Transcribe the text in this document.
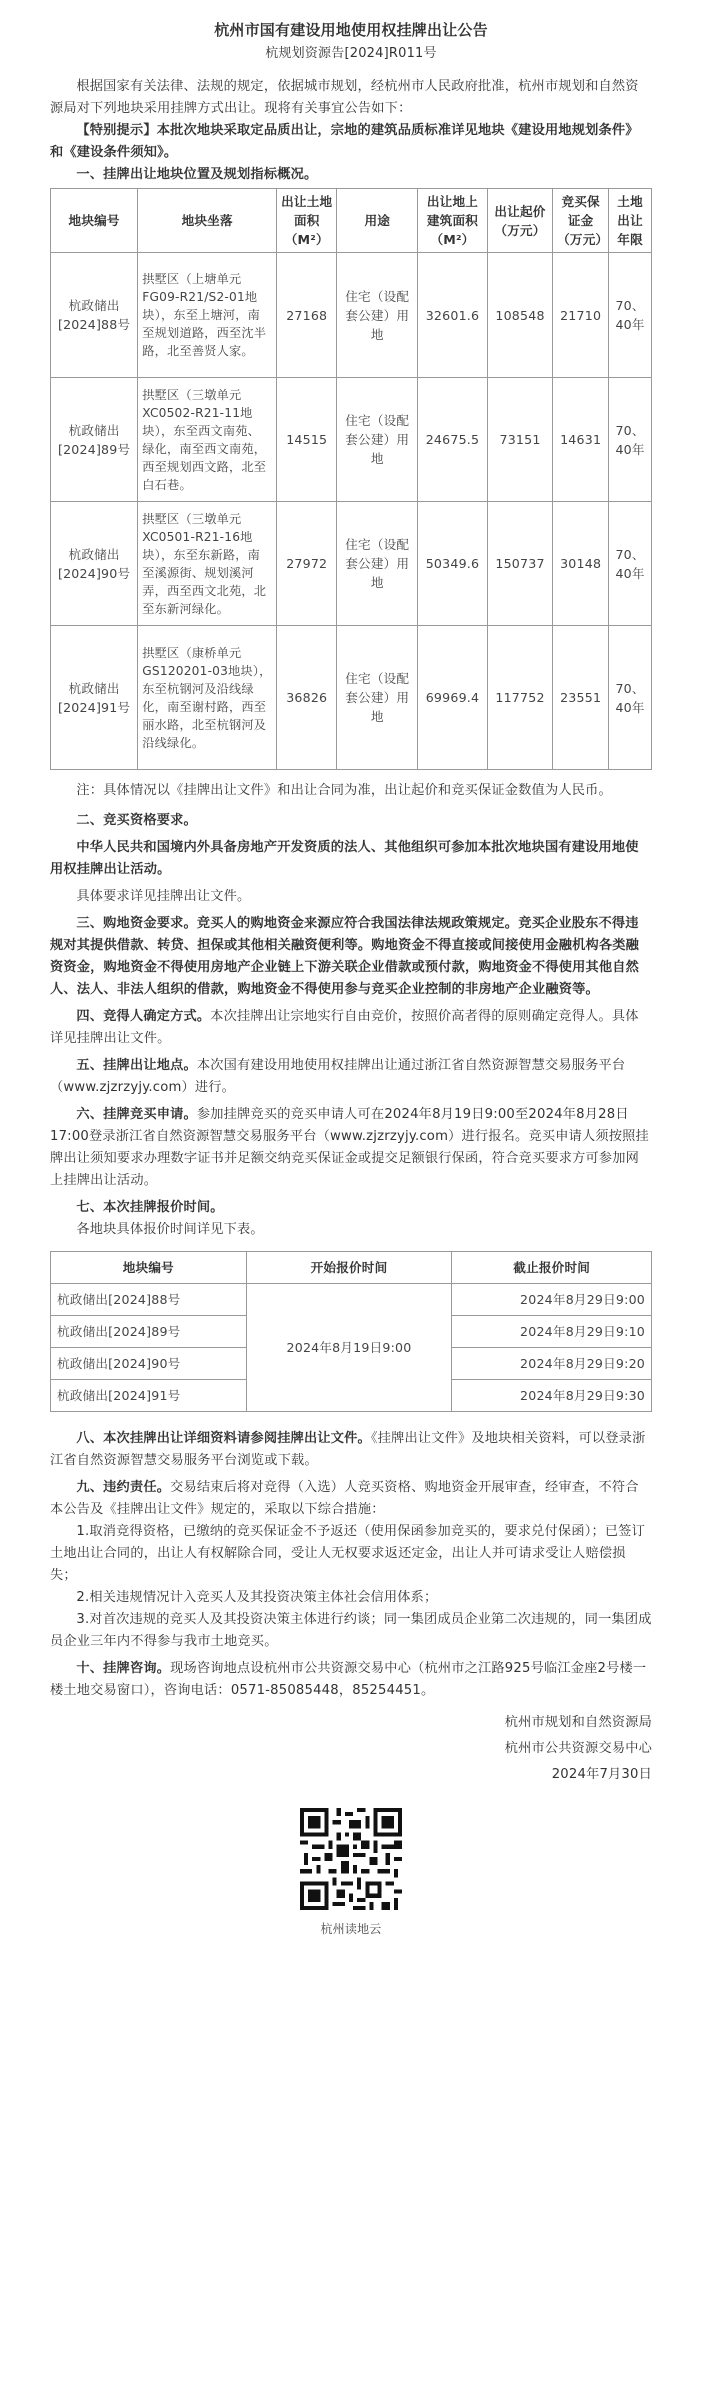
杭州市国有建设用地使用权挂牌出让公告
杭规划资源告[2024]R011号

根据国家有关法律、法规的规定，依据城市规划，经杭州市人民政府批准，杭州市规划和自然资源局对下列地块采用挂牌方式出让。现将有关事宜公告如下：

【特别提示】本批次地块采取定品质出让，宗地的建筑品质标准详见地块《建设用地规划条件》和《建设条件须知》。

一、挂牌出让地块位置及规划指标概况。

地块编号	地块坐落	出让土地面积（M²）	用途	出让地上建筑面积（M²）	出让起价（万元）	竞买保证金（万元）	土地出让年限
杭政储出[2024]88号	拱墅区（上塘单元FG09-R21/S2-01地块），东至上塘河，南至规划道路，西至沈半路，北至善贤人家。	27168	住宅（设配套公建）用地	32601.6	108548	21710	70、40年
杭政储出[2024]89号	拱墅区（三墩单元XC0502-R21-11地块），东至西文南苑、绿化，南至西文南苑，西至规划西文路，北至白石巷。	14515	住宅（设配套公建）用地	24675.5	73151	14631	70、40年
杭政储出[2024]90号	拱墅区（三墩单元XC0501-R21-16地块），东至东新路，南至溪源街、规划溪河弄，西至西文北苑，北至东新河绿化。	27972	住宅（设配套公建）用地	50349.6	150737	30148	70、40年
杭政储出[2024]91号	拱墅区（康桥单元GS120201-03地块），东至杭钢河及沿线绿化，南至谢村路，西至丽水路，北至杭钢河及沿线绿化。	36826	住宅（设配套公建）用地	69969.4	117752	23551	70、40年

注：具体情况以《挂牌出让文件》和出让合同为准，出让起价和竞买保证金数值为人民币。

二、竞买资格要求。

中华人民共和国境内外具备房地产开发资质的法人、其他组织可参加本批次地块国有建设用地使用权挂牌出让活动。

具体要求详见挂牌出让文件。

三、购地资金要求。竞买人的购地资金来源应符合我国法律法规政策规定。竞买企业股东不得违规对其提供借款、转贷、担保或其他相关融资便利等。购地资金不得直接或间接使用金融机构各类融资资金，购地资金不得使用房地产企业链上下游关联企业借款或预付款，购地资金不得使用其他自然人、法人、非法人组织的借款，购地资金不得使用参与竞买企业控制的非房地产企业融资等。

四、竞得人确定方式。本次挂牌出让宗地实行自由竞价，按照价高者得的原则确定竞得人。具体详见挂牌出让文件。

五、挂牌出让地点。本次国有建设用地使用权挂牌出让通过浙江省自然资源智慧交易服务平台（www.zjzrzyjy.com）进行。

六、挂牌竞买申请。参加挂牌竞买的竞买申请人可在2024年8月19日9:00至2024年8月28日17:00登录浙江省自然资源智慧交易服务平台（www.zjzrzyjy.com）进行报名。竞买申请人须按照挂牌出让须知要求办理数字证书并足额交纳竞买保证金或提交足额银行保函，符合竞买要求方可参加网上挂牌出让活动。

七、本次挂牌报价时间。

各地块具体报价时间详见下表。

地块编号	开始报价时间	截止报价时间
杭政储出[2024]88号	2024年8月19日9:00	2024年8月29日9:00
杭政储出[2024]89号		2024年8月29日9:10
杭政储出[2024]90号		2024年8月29日9:20
杭政储出[2024]91号		2024年8月29日9:30

八、本次挂牌出让详细资料请参阅挂牌出让文件。《挂牌出让文件》及地块相关资料，可以登录浙江省自然资源智慧交易服务平台浏览或下载。

九、违约责任。交易结束后将对竞得（入选）人竞买资格、购地资金开展审查，经审查，不符合本公告及《挂牌出让文件》规定的，采取以下综合措施：

1.取消竞得资格，已缴纳的竞买保证金不予返还（使用保函参加竞买的，要求兑付保函）；已签订土地出让合同的，出让人有权解除合同，受让人无权要求返还定金，出让人并可请求受让人赔偿损失；

2.相关违规情况计入竞买人及其投资决策主体社会信用体系；

3.对首次违规的竞买人及其投资决策主体进行约谈；同一集团成员企业第二次违规的，同一集团成员企业三年内不得参与我市土地竞买。

十、挂牌咨询。现场咨询地点设杭州市公共资源交易中心（杭州市之江路925号临江金座2号楼一楼土地交易窗口），咨询电话：0571-85085448，85254451。

杭州市规划和自然资源局
杭州市公共资源交易中心
2024年7月30日
杭州读地云
